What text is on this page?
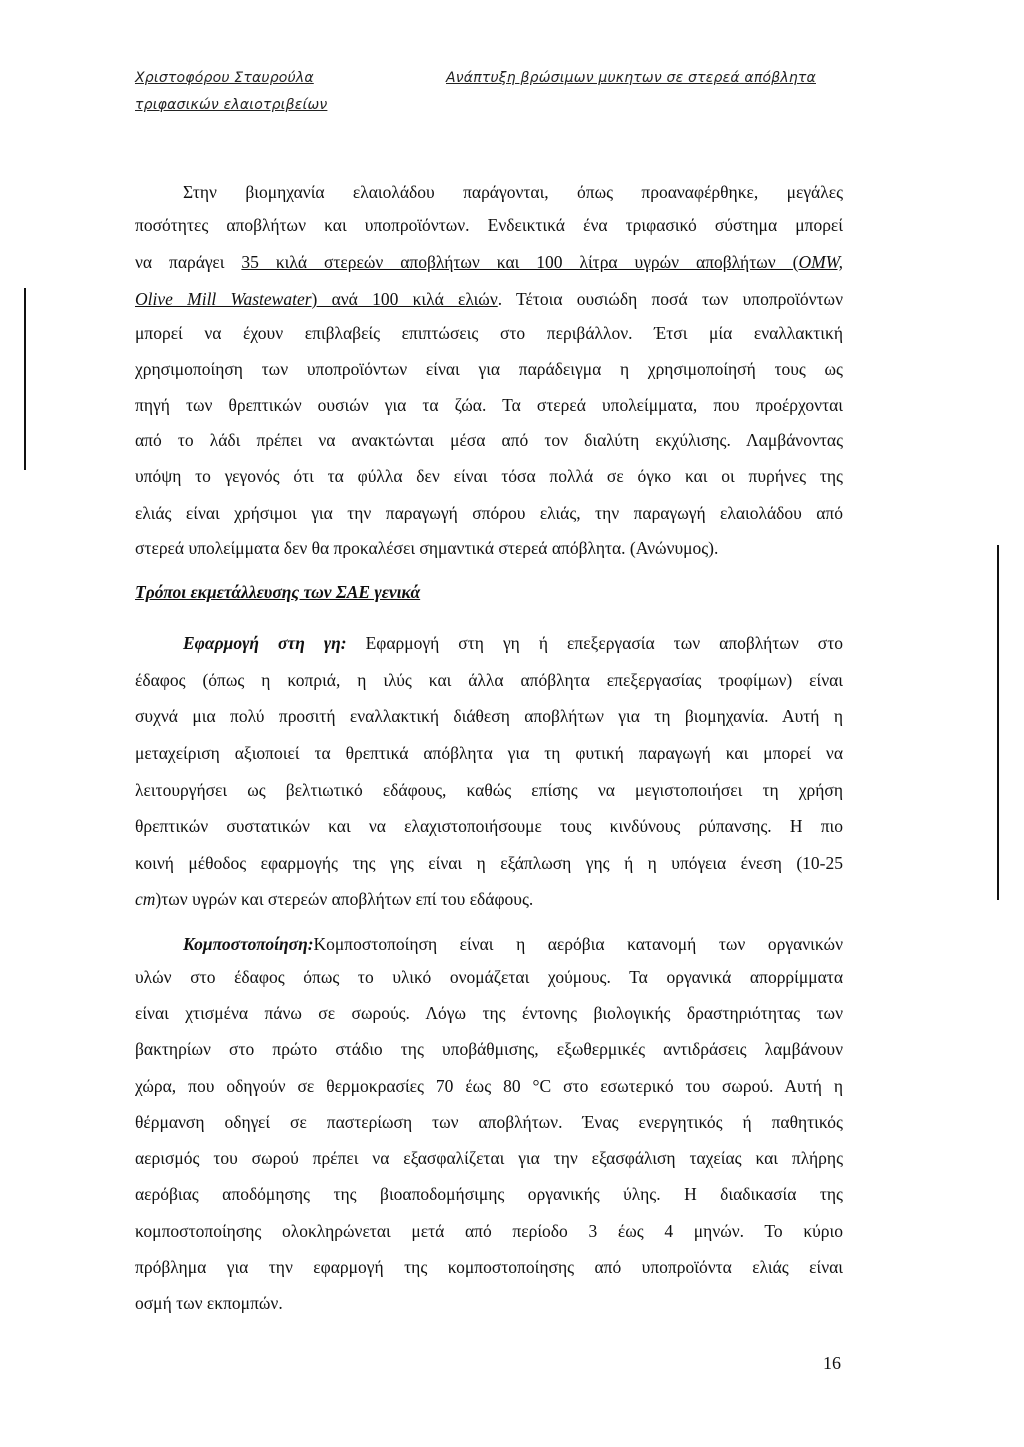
Χριστοφόρου Σταυρούλα	Ανάπτυξη βρώσιμων μυκητων σε στερεά απόβλητα
τριφασικών ελαιοτριβείων
Στην βιομηχανία ελαιολάδου παράγονται, όπως προαναφέρθηκε, μεγάλες
ποσότητες αποβλήτων και υποπροϊόντων. Ενδεικτικά ένα τριφασικό σύστημα μπορεί
να παράγει 35 κιλά στερεών αποβλήτων και 100 λίτρα υγρών αποβλήτων (OMW,
Olive Mill Wastewater) ανά 100 κιλά ελιών. Τέτοια ουσιώδη ποσά των υποπροϊόντων
μπορεί να έχουν επιβλαβείς επιπτώσεις στο περιβάλλον. Έτσι μία εναλλακτική
χρησιμοποίηση των υποπροϊόντων είναι για παράδειγμα η χρησιμοποίησή τους ως
πηγή των θρεπτικών ουσιών για τα ζώα. Τα στερεά υπολείμματα, που προέρχονται
από το λάδι πρέπει να ανακτώνται μέσα από τον διαλύτη εκχύλισης. Λαμβάνοντας
υπόψη το γεγονός ότι τα φύλλα δεν είναι τόσα πολλά σε όγκο και οι πυρήνες της
ελιάς είναι χρήσιμοι για την παραγωγή σπόρου ελιάς, την παραγωγή ελαιολάδου από
στερεά υπολείμματα δεν θα προκαλέσει σημαντικά στερεά απόβλητα. (Ανώνυμος).
Τρόποι εκμετάλλευσης των ΣΑΕ γενικά
Εφαρμογή στη γη: Εφαρμογή στη γη ή επεξεργασία των αποβλήτων στο
έδαφος (όπως η κοπριά, η ιλύς και άλλα απόβλητα επεξεργασίας τροφίμων) είναι
συχνά μια πολύ προσιτή εναλλακτική διάθεση αποβλήτων για τη βιομηχανία. Αυτή η
μεταχείριση αξιοποιεί τα θρεπτικά απόβλητα για τη φυτική παραγωγή και μπορεί να
λειτουργήσει ως βελτιωτικό εδάφους, καθώς επίσης να μεγιστοποιήσει τη χρήση
θρεπτικών συστατικών και να ελαχιστοποιήσουμε τους κινδύνους ρύπανσης. Η πιο
κοινή μέθοδος εφαρμογής της γης είναι η εξάπλωση γης ή η υπόγεια ένεση (10-25
cm)των υγρών και στερεών αποβλήτων επί του εδάφους.
Κομποστοποίηση:Κομποστοποίηση είναι η αερόβια κατανομή των οργανικών
υλών στο έδαφος όπως το υλικό ονομάζεται χούμους. Τα οργανικά απορρίμματα
είναι χτισμένα πάνω σε σωρούς. Λόγω της έντονης βιολογικής δραστηριότητας των
βακτηρίων στο πρώτο στάδιο της υποβάθμισης, εξωθερμικές αντιδράσεις λαμβάνουν
χώρα, που οδηγούν σε θερμοκρασίες 70 έως 80 °C στο εσωτερικό του σωρού. Αυτή η
θέρμανση οδηγεί σε παστερίωση των αποβλήτων. Ένας ενεργητικός ή παθητικός
αερισμός του σωρού πρέπει να εξασφαλίζεται για την εξασφάλιση ταχείας και πλήρης
αερόβιας αποδόμησης της βιοαποδομήσιμης οργανικής ύλης. Η διαδικασία της
κομποστοποίησης ολοκληρώνεται μετά από περίοδο 3 έως 4 μηνών. Το κύριο
πρόβλημα για την εφαρμογή της κομποστοποίησης από υποπροϊόντα ελιάς είναι
οσμή των εκπομπών.
16
